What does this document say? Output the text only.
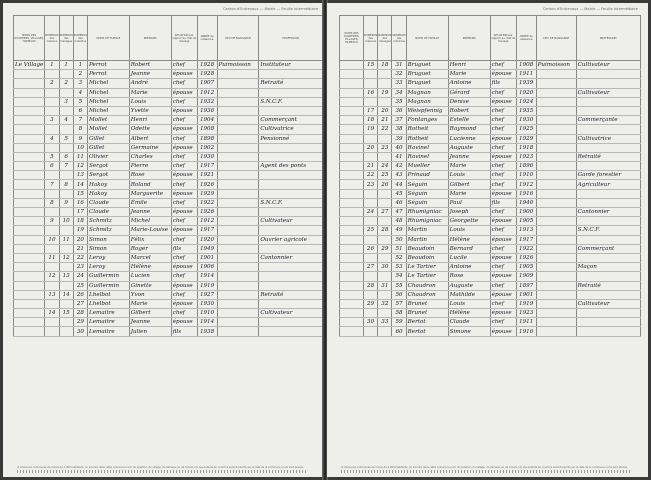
Canton d'Entrevaux — Mairie — Feuille intermédiaire
NOMS DES QUARTIERS, VILLAGES, HAMEAUX	NUMÉROS des maisons	NUMÉROS des ménages	NUMÉROS des individus	NOMS DE FAMILLE	PRÉNOMS	SITUATION par rapport au chef de ménage	ANNÉE de naissance	LIEU DE NAISSANCE	PROFESSION
Le Village	1	1	1	Perrot	Robert	chef	1928	Puimoisson	Instituteur
			2	Perrot	Jeanne	épouse	1928		
	2	2	3	Michel	André	chef	1907		Retraité
			4	Michel	Marie	épouse	1912		
		3	5	Michel	Louis	chef	1932		S.N.C.F.
			6	Michel	Yvette	épouse	1936		
	3	4	7	Mollet	Henri	chef	1904		Commerçant
			8	Mollet	Odette	épouse	1908		Cultivatrice
	4	5	9	Gillet	Albert	chef	1898		Pensionné
			10	Gillet	Germaine	épouse	1902		
	5	6	11	Olivier	Charles	chef	1930		
	6	7	12	Sergot	Pierre	chef	1917		Agent des ponts
			13	Sergot	Rose	épouse	1921		
	7	8	14	Hakoy	Roland	chef	1926		
			15	Hakoy	Marguerite	épouse	1929		
	8	9	16	Claude	Émile	chef	1922		S.N.C.F.
			17	Claude	Jeanne	épouse	1926		
	9	10	18	Schmitz	Michel	chef	1912		Cultivateur
			19	Schmitz	Marie-Louise	épouse	1917		
	10	11	20	Simon	Félix	chef	1920		Ouvrier agricole
			21	Simon	Roger	fils	1949		
	11	12	22	Leroy	Marcel	chef	1901		Cantonnier
			23	Leroy	Hélène	épouse	1906		
	12	13	24	Guillermin	Lucien	chef	1914		
			25	Guillermin	Ginette	épouse	1919		
	13	14	26	Lhelbot	Yvon	chef	1927		Retraité
			27	Lhelbot	Marie	épouse	1930		
	14	15	28	Lemaitre	Gilbert	chef	1910		Cultivateur
			29	Lemaitre	Jeanne	épouse	1914		
			30	Lemaitre	Julien	fils	1938		
(1) Dans les communes de moins de 2 000 habitants, on inscrira dans cette colonne le nom du quartier, du village, du hameau ou de l'écart. (2) Les enfants en nourrice seront inscrits sur la liste de la commune où ils sont placés.
Canton d'Entrevaux — Mairie — Feuille intermédiaire
NOMS DES QUARTIERS, VILLAGES, HAMEAUX	NUMÉROS des maisons	NUMÉROS des ménages	NUMÉROS des individus	NOMS DE FAMILLE	PRÉNOMS	SITUATION par rapport au chef de ménage	ANNÉE de naissance	LIEU DE NAISSANCE	PROFESSION
	15	18	31	Bruguet	Henri	chef	1908	Puimoisson	Cultivateur
			32	Bruguet	Marie	épouse	1911		
			33	Bruguet	Antoine	fils	1939		
	16	19	34	Magnan	Gérard	chef	1920		Cultivateur
			35	Magnan	Denise	épouse	1924		
	17	20	36	Weispfennig	Robert	chef	1935		
	18	21	37	Fontanges	Estelle	chef	1930		Commerçante
	19	22	38	Rotheit	Raymond	chef	1925		
			39	Rotheit	Lucienne	épouse	1929		Cultivatrice
	20	23	40	Ravinel	Auguste	chef	1918		
			41	Ravinel	Jeanne	épouse	1923		Retraité
	21	24	42	Mueller	Marie	chef	1896		
	22	25	43	Prinaud	Louis	chef	1910		Garde forestier
	23	26	44	Séguin	Gilbert	chef	1912		Agriculteur
			45	Séguin	Marie	épouse	1916		
			46	Séguin	Paul	fils	1940		
	24	27	47	Rhumigniac	Joseph	chef	1900		Cantonnier
			48	Rhumigniac	Georgette	épouse	1905		
	25	28	49	Martin	Louis	chef	1913		S.N.C.F.
			50	Martin	Hélène	épouse	1917		
	26	29	51	Beaudoin	Bernard	chef	1922		Commerçant
			52	Beaudoin	Lucile	épouse	1926		
	27	30	53	Le Tartier	Antoine	chef	1905		Maçon
			54	Le Tartier	Rose	épouse	1909		
	28	31	55	Chaudron	Auguste	chef	1897		Retraité
			56	Chaudron	Mathilde	épouse	1901		
	29	32	57	Brunet	Louis	chef	1919		Cultivateur
			58	Brunet	Hélène	épouse	1923		
	30	33	59	Bertot	Claude	chef	1911		
			60	Bertot	Simone	épouse	1916		
(1) Dans les communes de moins de 2 000 habitants, on inscrira dans cette colonne le nom du quartier, du village, du hameau ou de l'écart. (2) Les enfants en nourrice seront inscrits sur la liste de la commune où ils sont placés.
